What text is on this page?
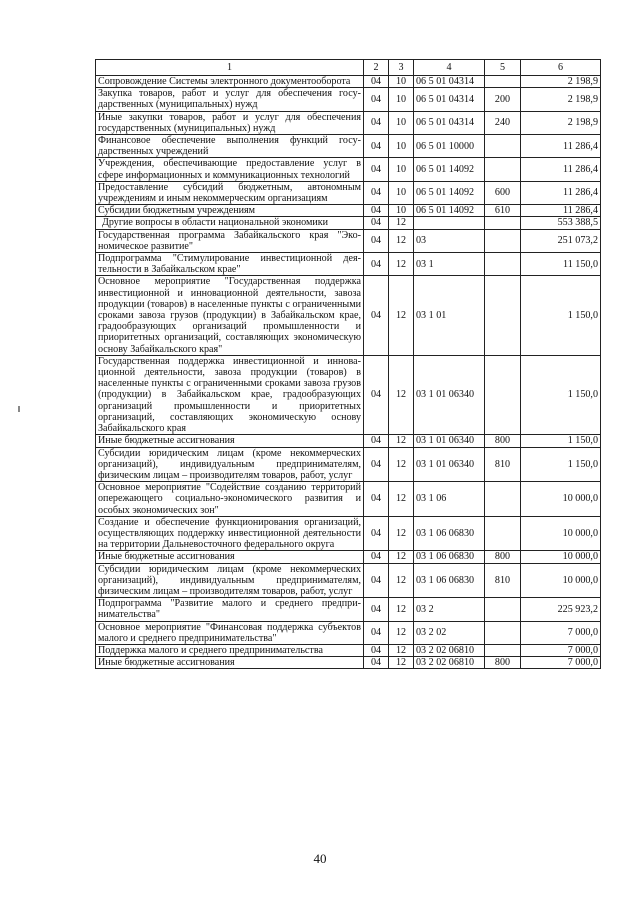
1	2	3	4	5	6
Сопровождение Системы электронного документооборота	04	10	06 5 01 04314		2 198,9
Закупка товаров, работ и услуг для обеспечения государственных (муниципальных) нужд	04	10	06 5 01 04314	200	2 198,9
Иные закупки товаров, работ и услуг для обеспечения государственных (муниципальных) нужд	04	10	06 5 01 04314	240	2 198,9
Финансовое обеспечение выполнения функций государственных учреждений	04	10	06 5 01 10000		11 286,4
Учреждения, обеспечивающие предоставление услуг в сфере информационных и коммуникационных технологий	04	10	06 5 01 14092		11 286,4
Предоставление субсидий бюджетным, автономным учреждениям и иным некоммерческим организациям	04	10	06 5 01 14092	600	11 286,4
Субсидии бюджетным учреждениям	04	10	06 5 01 14092	610	11 286,4
Другие вопросы в области национальной экономики	04	12			553 388,5
Государственная программа Забайкальского края "Экономическое развитие"	04	12	03		251 073,2
Подпрограмма "Стимулирование инвестиционной деятельности в Забайкальском крае"	04	12	03 1		11 150,0
Основное мероприятие "Государственная поддержка инвестиционной и инновационной деятельности, завоза продукции (товаров) в населенные пункты с ограниченными сроками завоза грузов (продукции) в Забайкальском крае, градообразующих организаций промышленности и приоритетных организаций, составляющих экономическую основу Забайкальского края"	04	12	03 1 01		1 150,0
Государственная поддержка инвестиционной и инновационной деятельности, завоза продукции (товаров) в населенные пункты с ограниченными сроками завоза грузов (продукции) в Забайкальском крае, градообразующих организаций промышленности и приоритетных организаций, составляющих экономическую основу Забайкальского края	04	12	03 1 01 06340		1 150,0
Иные бюджетные ассигнования	04	12	03 1 01 06340	800	1 150,0
Субсидии юридическим лицам (кроме некоммерческих организаций), индивидуальным предпринимателям, физическим лицам – производителям товаров, работ, услуг	04	12	03 1 01 06340	810	1 150,0
Основное мероприятие "Содействие созданию территорий опережающего социально-экономического развития и особых экономических зон"	04	12	03 1 06		10 000,0
Создание и обеспечение функционирования организаций, осуществляющих поддержку инвестиционной деятельности на территории Дальневосточного федерального округа	04	12	03 1 06 06830		10 000,0
Иные бюджетные ассигнования	04	12	03 1 06 06830	800	10 000,0
Субсидии юридическим лицам (кроме некоммерческих организаций), индивидуальным предпринимателям, физическим лицам – производителям товаров, работ, услуг	04	12	03 1 06 06830	810	10 000,0
Подпрограмма "Развитие малого и среднего предпринимательства"	04	12	03 2		225 923,2
Основное мероприятие "Финансовая поддержка субъектов малого и среднего предпринимательства"	04	12	03 2 02		7 000,0
Поддержка малого и среднего предпринимательства	04	12	03 2 02 06810		7 000,0
Иные бюджетные ассигнования	04	12	03 2 02 06810	800	7 000,0
40
